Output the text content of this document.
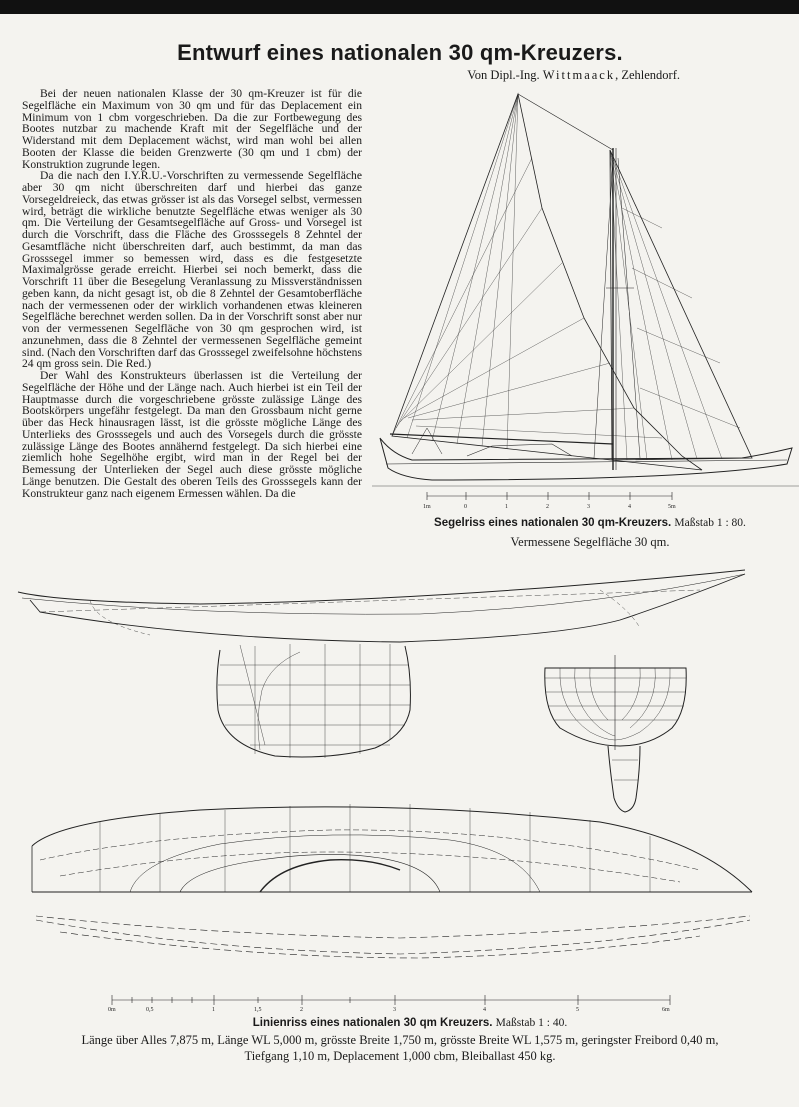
Entwurf eines nationalen 30 qm-Kreuzers.
Von Dipl.-Ing. Wittmaack, Zehlendorf.

Bei der neuen nationalen Klasse der 30 qm-Kreuzer ist für die Segelfläche ein Maximum von 30 qm und für das Deplacement ein Minimum von 1 cbm vorgeschrieben. Da die zur Fortbewegung des Bootes nutzbar zu machende Kraft mit der Segelfläche und der Widerstand mit dem Deplacement wächst, wird man wohl bei allen Booten der Klasse die beiden Grenzwerte (30 qm und 1 cbm) der Konstruktion zugrunde legen.

Da die nach den I.Y.R.U.-Vorschriften zu vermessende Segelfläche aber 30 qm nicht überschreiten darf und hierbei das ganze Vorsegeldreieck, das etwas grösser ist als das Vorsegel selbst, vermessen wird, beträgt die wirkliche benutzte Segelfläche etwas weniger als 30 qm. Die Verteilung der Gesamtsegelfläche auf Gross- und Vorsegel ist durch die Vorschrift, dass die Fläche des Grosssegels 8 Zehntel der Gesamtfläche nicht überschreiten darf, auch bestimmt, da man das Grosssegel immer so bemessen wird, dass es die festgesetzte Maximalgrösse gerade erreicht. Hierbei sei noch bemerkt, dass die Vorschrift 11 über die Besegelung Veranlassung zu Missverständnissen geben kann, da nicht gesagt ist, ob die 8 Zehntel der Gesamtoberfläche nach der vermessenen oder der wirklich vorhandenen etwas kleineren Segelfläche berechnet werden sollen. Da in der Vorschrift sonst aber nur von der vermessenen Segelfläche von 30 qm gesprochen wird, ist anzunehmen, dass die 8 Zehntel der vermessenen Segelfläche gemeint sind. (Nach den Vorschriften darf das Grosssegel zweifelsohne höchstens 24 qm gross sein. Die Red.)

Der Wahl des Konstrukteurs überlassen ist die Verteilung der Segelfläche der Höhe und der Länge nach. Auch hierbei ist ein Teil der Hauptmasse durch die vorgeschriebene grösste zulässige Länge des Bootskörpers ungefähr festgelegt. Da man den Grossbaum nicht gerne über das Heck hinausragen lässt, ist die grösste mögliche Länge des Unterlieks des Grosssegels und auch des Vorsegels durch die grösste zulässige Länge des Bootes annähernd festgelegt. Da sich hierbei eine ziemlich hohe Segelhöhe ergibt, wird man in der Regel bei der Bemessung der Unterlieken der Segel auch diese grösste mögliche Länge benutzen. Die Gestalt des oberen Teils des Grosssegels kann der Konstrukteur ganz nach eigenem Ermessen wählen. Da die

1m	0	1	2	3	4	5m
Segelriss eines nationalen 30 qm-Kreuzers. Maßstab 1 : 80.
Vermessene Segelfläche 30 qm.
0m	0,5	1	1,5	2	3	4	5	6m
Linienriss eines nationalen 30 qm Kreuzers. Maßstab 1 : 40.
Länge über Alles 7,875 m, Länge WL 5,000 m, grösste Breite 1,750 m, grösste Breite WL 1,575 m, geringster Freibord 0,40 m,
Tiefgang 1,10 m, Deplacement 1,000 cbm, Bleiballast 450 kg.
